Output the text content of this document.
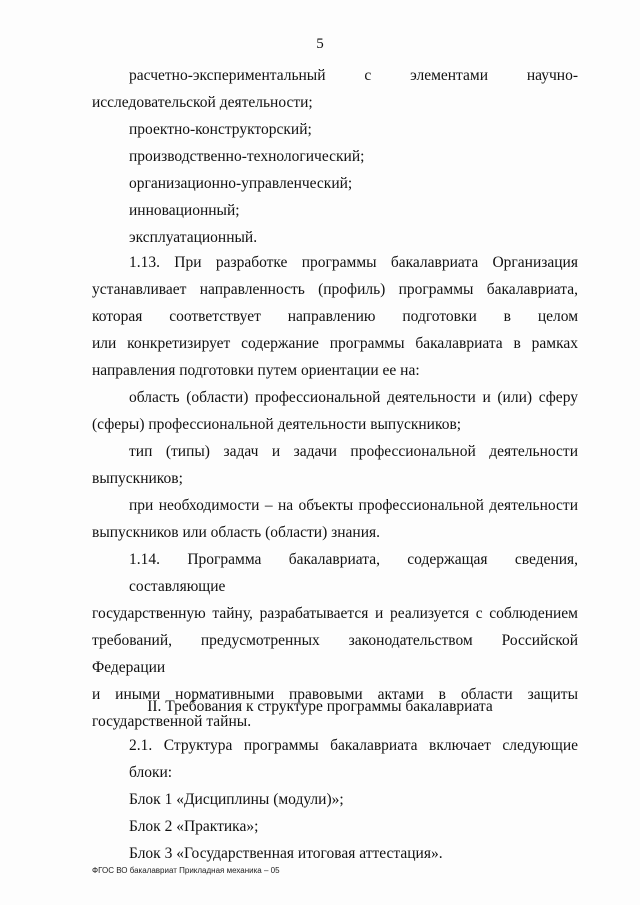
5
расчетно-экспериментальный с элементами научно-
исследовательской деятельности;
проектно-конструкторский;
производственно-технологический;
организационно-управленческий;
инновационный;
эксплуатационный.
1.13. При разработке программы бакалавриата Организация
устанавливает направленность (профиль) программы бакалавриата,
которая соответствует направлению подготовки в целом
или конкретизирует содержание программы бакалавриата в рамках
направления подготовки путем ориентации ее на:
область (области) профессиональной деятельности и (или) сферу
(сферы) профессиональной деятельности выпускников;
тип (типы) задач и задачи профессиональной деятельности
выпускников;
при необходимости – на объекты профессиональной деятельности
выпускников или область (области) знания.
1.14. Программа бакалавриата, содержащая сведения, составляющие
государственную тайну, разрабатывается и реализуется с соблюдением
требований, предусмотренных законодательством Российской Федерации
и иными нормативными правовыми актами в области защиты
государственной тайны.
II. Требования к структуре программы бакалавриата
2.1. Структура программы бакалавриата включает следующие блоки:
Блок 1 «Дисциплины (модули)»;
Блок 2 «Практика»;
Блок 3 «Государственная итоговая аттестация».
ФГОС ВО бакалавриат Прикладная механика – 05
